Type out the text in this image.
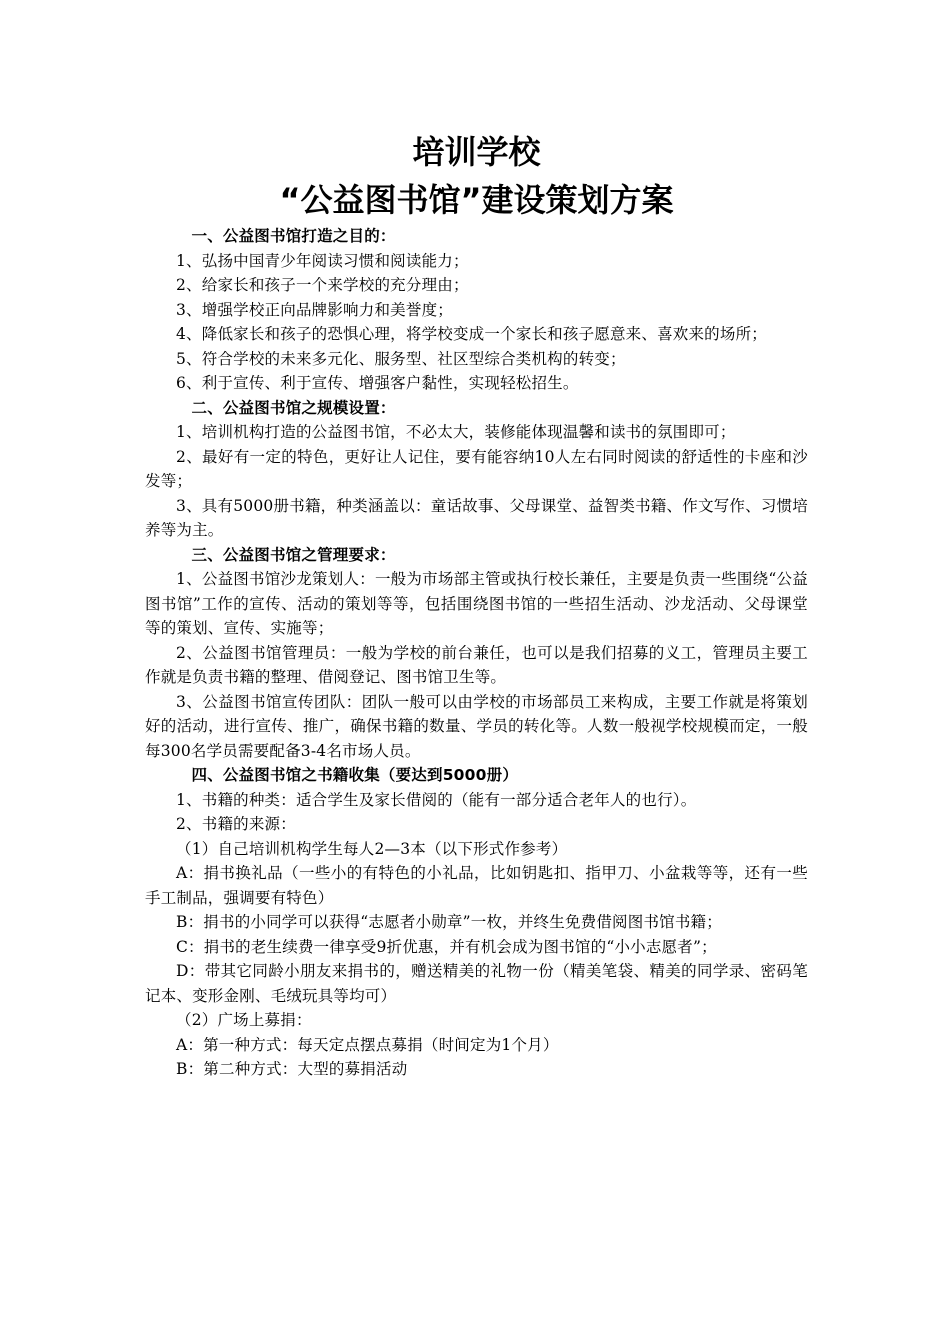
培训学校
“公益图书馆”建设策划方案

一、公益图书馆打造之目的：

1、弘扬中国青少年阅读习惯和阅读能力；

2、给家长和孩子一个来学校的充分理由；

3、增强学校正向品牌影响力和美誉度；

4、降低家长和孩子的恐惧心理，将学校变成一个家长和孩子愿意来、喜欢来的场所；

5、符合学校的未来多元化、服务型、社区型综合类机构的转变；

6、利于宣传、利于宣传、增强客户黏性，实现轻松招生。

二、公益图书馆之规模设置：

1、培训机构打造的公益图书馆，不必太大，装修能体现温馨和读书的氛围即可；

2、最好有一定的特色，更好让人记住，要有能容纳10人左右同时阅读的舒适性的卡座和沙发等；

3、具有5000册书籍，种类涵盖以：童话故事、父母课堂、益智类书籍、作文写作、习惯培养等为主。

三、公益图书馆之管理要求：

1、公益图书馆沙龙策划人：一般为市场部主管或执行校长兼任，主要是负责一些围绕“公益图书馆”工作的宣传、活动的策划等等，包括围绕图书馆的一些招生活动、沙龙活动、父母课堂等的策划、宣传、实施等；

2、公益图书馆管理员：一般为学校的前台兼任，也可以是我们招募的义工，管理员主要工作就是负责书籍的整理、借阅登记、图书馆卫生等。

3、公益图书馆宣传团队：团队一般可以由学校的市场部员工来构成，主要工作就是将策划好的活动，进行宣传、推广，确保书籍的数量、学员的转化等。人数一般视学校规模而定，一般每300名学员需要配备3-4名市场人员。

四、公益图书馆之书籍收集（要达到5000册）

1、书籍的种类：适合学生及家长借阅的（能有一部分适合老年人的也行）。

2、书籍的来源：

（1）自己培训机构学生每人2—3本（以下形式作参考）

A：捐书换礼品（一些小的有特色的小礼品，比如钥匙扣、指甲刀、小盆栽等等，还有一些手工制品，强调要有特色）

B：捐书的小同学可以获得“志愿者小勋章”一枚，并终生免费借阅图书馆书籍；

C：捐书的老生续费一律享受9折优惠，并有机会成为图书馆的“小小志愿者”；

D：带其它同龄小朋友来捐书的，赠送精美的礼物一份（精美笔袋、精美的同学录、密码笔记本、变形金刚、毛绒玩具等均可）

（2）广场上募捐：

A：第一种方式：每天定点摆点募捐（时间定为1个月）

B：第二种方式：大型的募捐活动
